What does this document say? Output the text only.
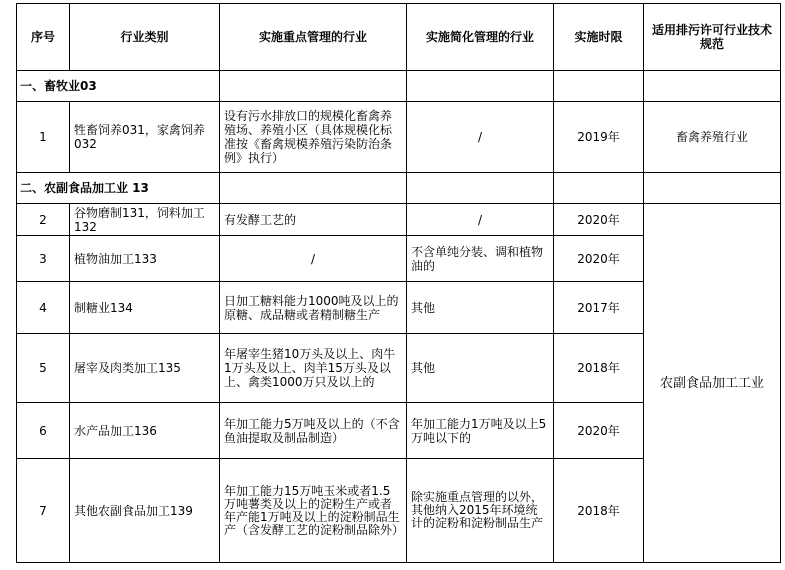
序号	行业类别	实施重点管理的行业	实施简化管理的行业	实施时限	适用排污许可行业技术规范
一、畜牧业03					
1	牲畜饲养031，家禽饲养032	设有污水排放口的规模化畜禽养殖场、养殖小区（具体规模化标准按《畜禽规模养殖污染防治条例》执行）	/	2019年	畜禽养殖行业
二、农副食品加工业 13					
2	谷物磨制131，饲料加工132	有发酵工艺的	/	2020年	农副食品加工工业
3	植物油加工133	/	不含单纯分装、调和植物油的	2020年	
4	制糖业134	日加工糖料能力1000吨及以上的原糖、成品糖或者精制糖生产	其他	2017年	
5	屠宰及肉类加工135	年屠宰生猪10万头及以上、肉牛1万头及以上、肉羊15万头及以上、禽类1000万只及以上的	其他	2018年	
6	水产品加工136	年加工能力5万吨及以上的（不含鱼油提取及制品制造）	年加工能力1万吨及以上5万吨以下的	2020年	
7	其他农副食品加工139	年加工能力15万吨玉米或者1.5万吨薯类及以上的淀粉生产或者年产能1万吨及以上的淀粉制品生产（含发酵工艺的淀粉制品除外）	除实施重点管理的以外，其他纳入2015年环境统计的淀粉和淀粉制品生产	2018年	
